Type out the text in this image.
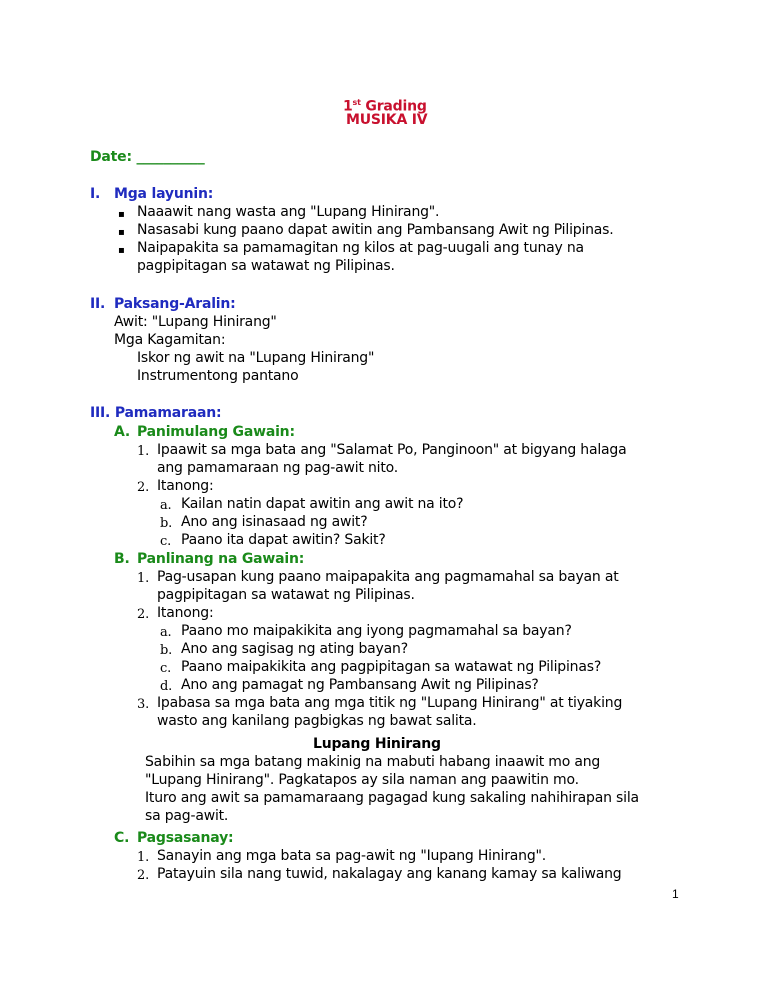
1st Grading
MUSIKA IV
Date: __________
I. Mga layunin:
▪ Naaawit nang wasta ang "Lupang Hinirang".
▪ Nasasabi kung paano dapat awitin ang Pambansang Awit ng Pilipinas.
▪ Naipapakita sa pamamagitan ng kilos at pag-uugali ang tunay na
pagpipitagan sa watawat ng Pilipinas.
II. Paksang-Aralin:
Awit: "Lupang Hinirang"
Mga Kagamitan:
Iskor ng awit na "Lupang Hinirang"
Instrumentong pantano
III. Pamamaraan:
A. Panimulang Gawain:
1. Ipaawit sa mga bata ang "Salamat Po, Panginoon" at bigyang halaga
ang pamamaraan ng pag-awit nito.
2. Itanong:
a. Kailan natin dapat awitin ang awit na ito?
b. Ano ang isinasaad ng awit?
c. Paano ita dapat awitin? Sakit?
B. Panlinang na Gawain:
1. Pag-usapan kung paano maipapakita ang pagmamahal sa bayan at
pagpipitagan sa watawat ng Pilipinas.
2. Itanong:
a. Paano mo maipakikita ang iyong pagmamahal sa bayan?
b. Ano ang sagisag ng ating bayan?
c. Paano maipakikita ang pagpipitagan sa watawat ng Pilipinas?
d. Ano ang pamagat ng Pambansang Awit ng Pilipinas?
3. Ipabasa sa mga bata ang mga titik ng "Lupang Hinirang" at tiyaking
wasto ang kanilang pagbigkas ng bawat salita.
Lupang Hinirang
Sabihin sa mga batang makinig na mabuti habang inaawit mo ang
"Lupang Hinirang". Pagkatapos ay sila naman ang paawitin mo.
Ituro ang awit sa pamamaraang pagagad kung sakaling nahihirapan sila
sa pag-awit.
C. Pagsasanay:
1. Sanayin ang mga bata sa pag-awit ng "Iupang Hinirang".
2. Patayuin sila nang tuwid, nakalagay ang kanang kamay sa kaliwang
1
